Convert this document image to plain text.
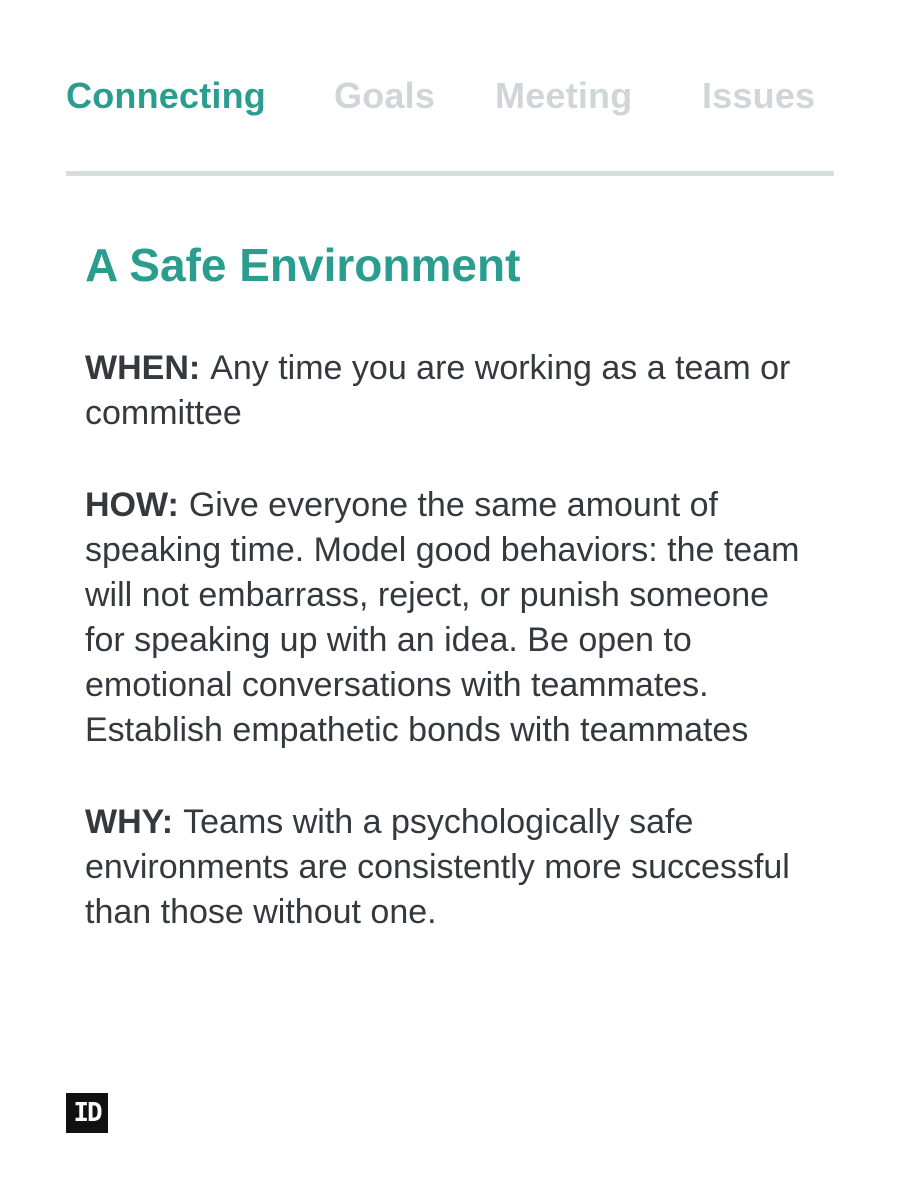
Connecting Goals Meeting Issues
A Safe Environment

WHEN: Any time you are working as a team or committee

HOW: Give everyone the same amount of speaking time. Model good behaviors: the team will not embarrass, reject, or punish someone for speaking up with an idea. Be open to emotional conversations with teammates. Establish empathetic bonds with teammates

WHY: Teams with a psychologically safe environments are consistently more successful than those without one.

ID
